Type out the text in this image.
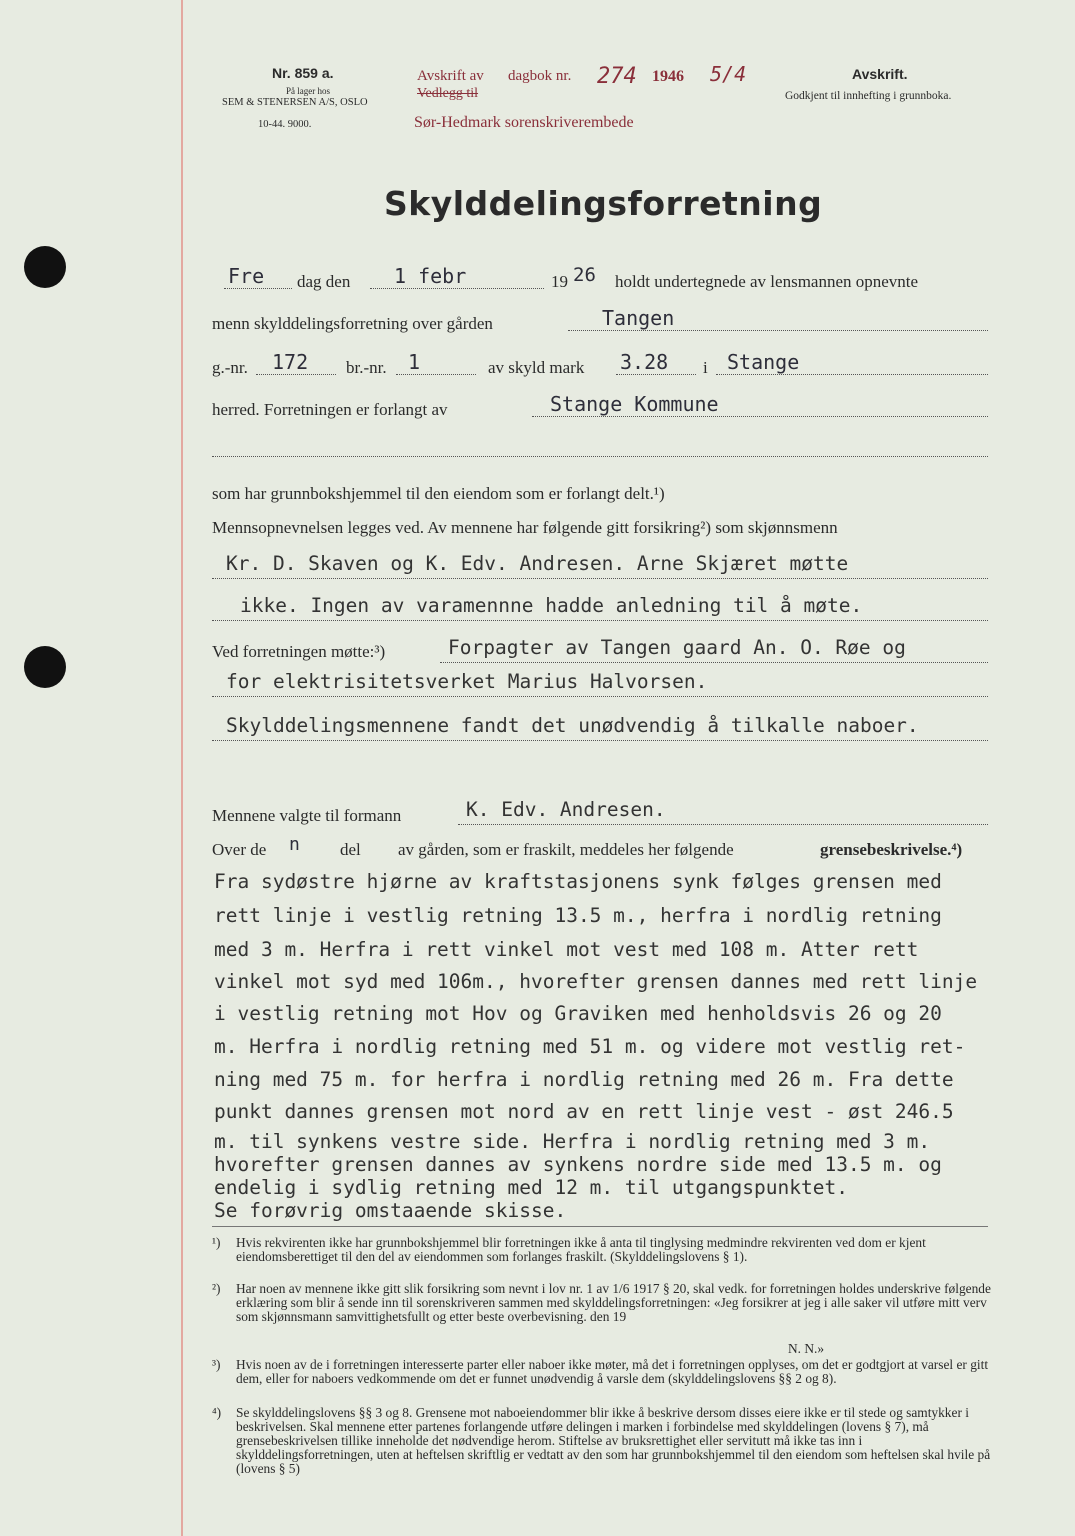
Nr. 859 a.
På lager hos
SEM & STENERSEN A/S, OSLO
10-44. 9000.
Avskrift av dagbok nr.
Vedlegg til
Sør-Hedmark sorenskriverembede
274 1946 5/4	Avskrift.
Godkjent til innhefting i grunnboka.
Skylddelingsforretning
Fre dag den 1 febr	19 26 holdt undertegnede av lensmannen opnevnte
menn skylddelingsforretning over gården	Tangen
g.-nr. 172 br.-nr. 1	av skyld mark 3.28 i Stange
herred. Forretningen er forlangt av	Stange Kommune
som har grunnbokshjemmel til den eiendom som er forlangt delt.¹)
Mennsopnevnelsen legges ved. Av mennene har følgende gitt forsikring²) som skjønnsmenn
Kr. D. Skaven og K. Edv. Andresen. Arne Skjæret møtte
ikke. Ingen av varamennne hadde anledning til å møte.
Ved forretningen møtte:³)	Forpagter av Tangen gaard An. O. Røe og
for elektrisitetsverket Marius Halvorsen.
Skylddelingsmennene fandt det unødvendig å tilkalle naboer.
Mennene valgte til formann	K. Edv. Andresen.
Over de n del av gården, som er fraskilt, meddeles her følgende	grensebeskrivelse.⁴)
Fra sydøstre hjørne av kraftstasjonens synk følges grensen med
rett linje i vestlig retning 13.5 m., herfra i nordlig retning
med 3 m. Herfra i rett vinkel mot vest med 108 m. Atter rett
vinkel mot syd med 106m., hvorefter grensen dannes med rett linje
i vestlig retning mot Hov og Graviken med henholdsvis 26 og 20
m. Herfra i nordlig retning med 51 m. og videre mot vestlig ret-
ning med 75 m. for herfra i nordlig retning med 26 m. Fra dette
punkt dannes grensen mot nord av en rett linje vest - øst 246.5
m. til synkens vestre side. Herfra i nordlig retning med 3 m.
hvorefter grensen dannes av synkens nordre side med 13.5 m. og
endelig i sydlig retning med 12 m. til utgangspunktet.
Se forøvrig omstaaende skisse.
¹)	Hvis rekvirenten ikke har grunnbokshjemmel blir forretningen ikke å anta til tinglysing medmindre rekvirenten ved dom er kjent eiendomsberettiget til den del av eiendommen som forlanges fraskilt. (Skylddelingslovens § 1).
²)	Har noen av mennene ikke gitt slik forsikring som nevnt i lov nr. 1 av 1/6 1917 § 20, skal vedk. for forretningen holdes underskrive følgende erklæring som blir å sende inn til sorenskriveren sammen med skylddelingsforretningen: «Jeg forsikrer at jeg i alle saker vil utføre mitt verv som skjønnsmann samvittighetsfullt og etter beste overbevisning. den 19
N. N.»
³)	Hvis noen av de i forretningen interesserte parter eller naboer ikke møter, må det i forretningen opplyses, om det er godtgjort at varsel er gitt dem, eller for naboers vedkommende om det er funnet unødvendig å varsle dem (skylddelingslovens §§ 2 og 8).
⁴)	Se skylddelingslovens §§ 3 og 8. Grensene mot naboeiendommer blir ikke å beskrive dersom disses eiere ikke er til stede og samtykker i beskrivelsen. Skal mennene etter partenes forlangende utføre delingen i marken i forbindelse med skylddelingen (lovens § 7), må grensebeskrivelsen tillike inneholde det nødvendige herom. Stiftelse av bruksrettighet eller servitutt må ikke tas inn i skylddelingsforretningen, uten at heftelsen skriftlig er vedtatt av den som har grunnbokshjemmel til den eiendom som heftelsen skal hvile på (lovens § 5)
